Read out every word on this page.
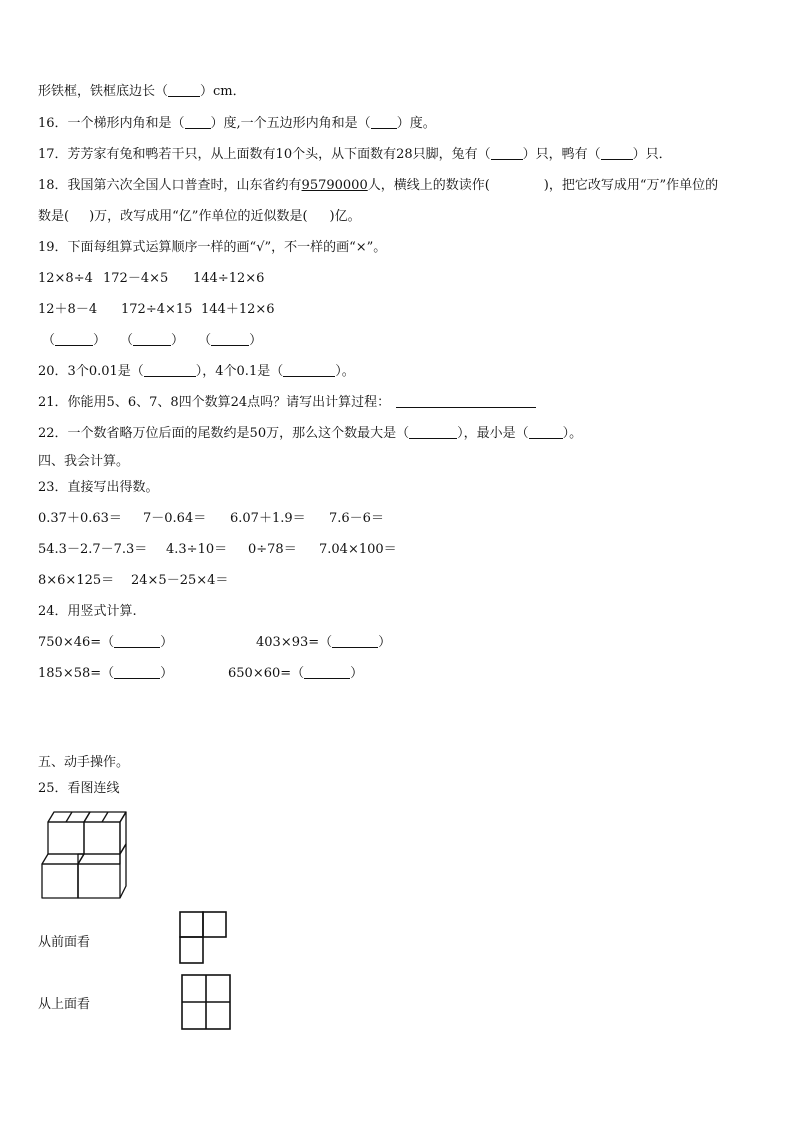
形铁框，铁框底边长（ ）cm．
16．一个梯形内角和是（ ）度,一个五边形内角和是（ ）度。
17．芳芳家有兔和鸭若干只，从上面数有10个头，从下面数有28只脚，兔有（ ）只，鸭有（ ）只．
18．我国第六次全国人口普查时，山东省约有95790000人，横线上的数读作(	)，把它改写成用“万”作单位的
数是( )万，改写成用“亿”作单位的近似数是( )亿。
19．下面每组算式运算顺序一样的画“√”，不一样的画“×”。
12×8÷4 172－4×5 144÷12×6
12＋8－4 172÷4×15 144＋12×6
（	） （	） （	）
20．3个0.01是（	），4个0.1是（	）。
21．你能用5、6、7、8四个数算24点吗？请写出计算过程：
22．一个数省略万位后面的尾数约是50万，那么这个数最大是（	），最小是（	）。
四、我会计算。
23．直接写出得数。
0.37＋0.63＝ 7－0.64＝ 6.07＋1.9＝ 7.6－6＝
54.3－2.7－7.3＝ 4.3÷10＝ 0÷78＝ 7.04×100＝
8×6×125＝ 24×5－25×4＝
24．用竖式计算.
750×46=（	）	403×93=（	）
185×58=（	）	650×60=（	）
五、动手操作。
25．看图连线
从前面看
从上面看
